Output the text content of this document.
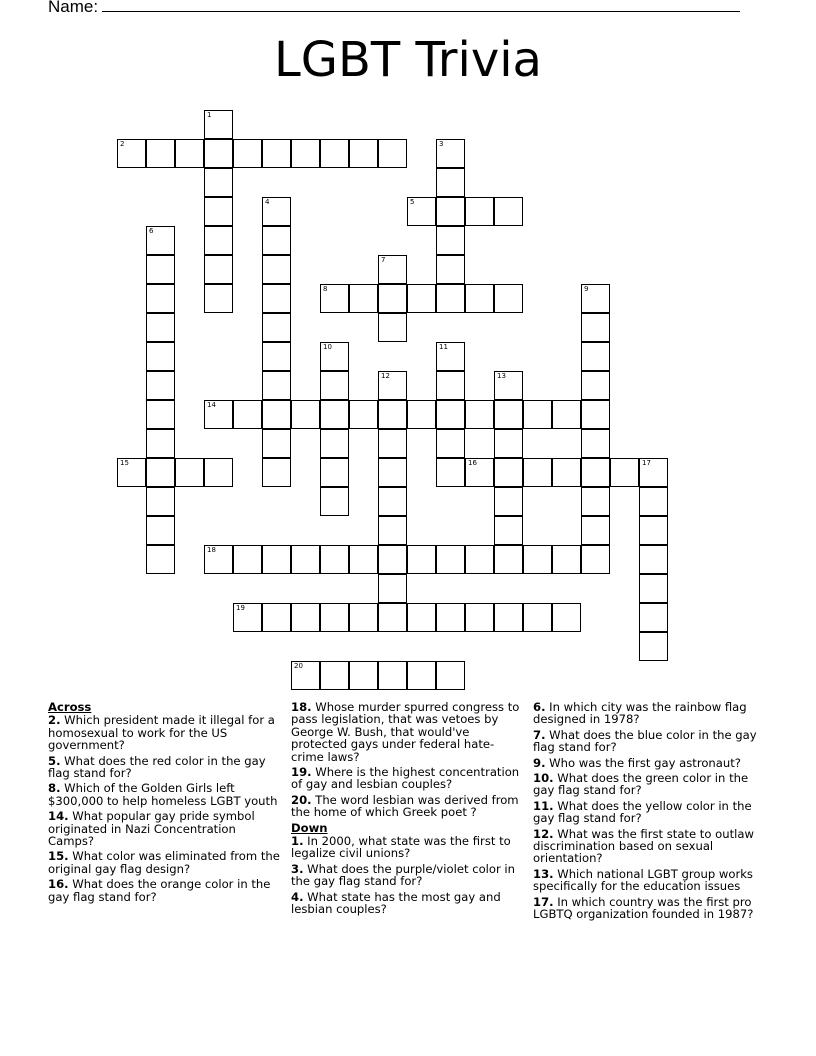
Name:
LGBT Trivia
2
1
3
5
4
6
7
8	9
10	11
12	13
14
15	16	17
18
19
20
Across
2. Which president made it illegal for a homosexual to work for the US government?
5. What does the red color in the gay flag stand for?
8. Which of the Golden Girls left $300,000 to help homeless LGBT youth
14. What popular gay pride symbol originated in Nazi Concentration Camps?
15. What color was eliminated from the original gay flag design?
16. What does the orange color in the gay flag stand for?
18. Whose murder spurred congress to pass legislation, that was vetoes by George W. Bush, that would've protected gays under federal hate-crime laws?
19. Where is the highest concentration of gay and lesbian couples?
20. The word lesbian was derived from the home of which Greek poet ?
Down
1. In 2000, what state was the first to legalize civil unions?
3. What does the purple/violet color in the gay flag stand for?
4. What state has the most gay and lesbian couples?
6. In which city was the rainbow flag designed in 1978?
7. What does the blue color in the gay flag stand for?
9. Who was the first gay astronaut?
10. What does the green color in the gay flag stand for?
11. What does the yellow color in the gay flag stand for?
12. What was the first state to outlaw discrimination based on sexual orientation?
13. Which national LGBT group works specifically for the education issues
17. In which country was the first pro LGBTQ organization founded in 1987?
